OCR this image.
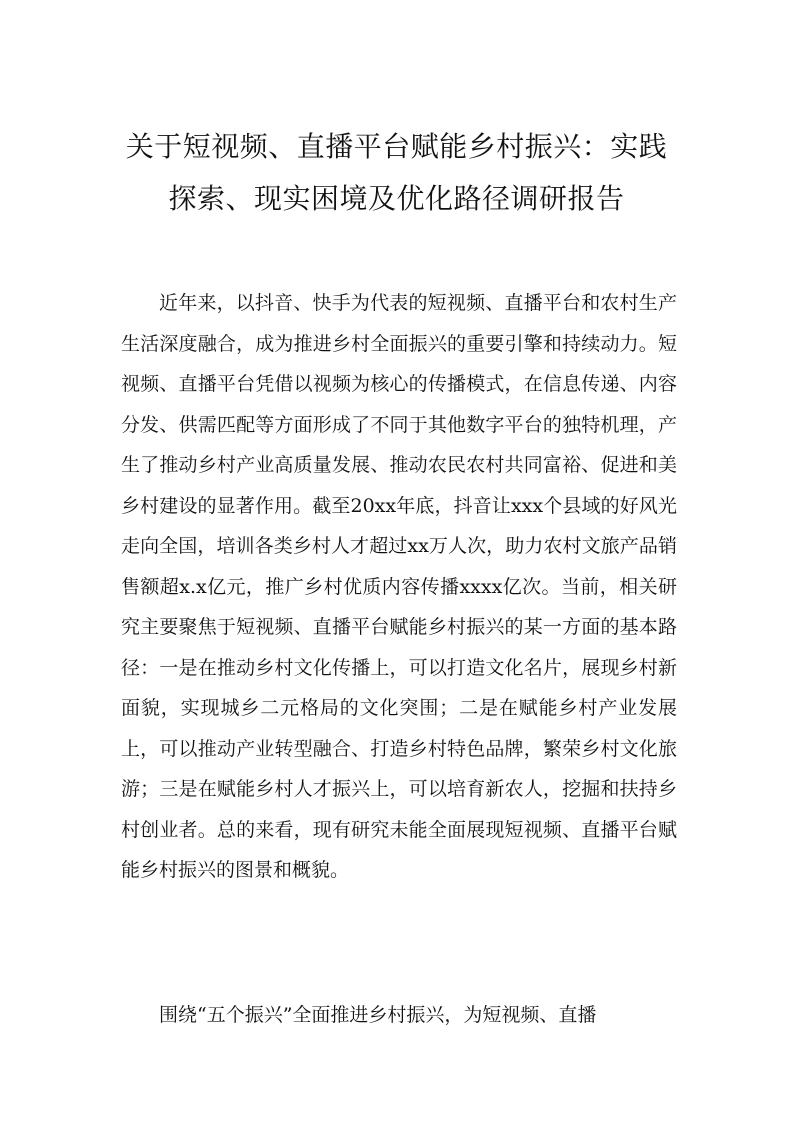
关于短视频、直播平台赋能乡村振兴：实践
探索、现实困境及优化路径调研报告

近年来，以抖音、快手为代表的短视频、直播平台和农村生产生活深度融合，成为推进乡村全面振兴的重要引擎和持续动力。短视频、直播平台凭借以视频为核心的传播模式，在信息传递、内容分发、供需匹配等方面形成了不同于其他数字平台的独特机理，产生了推动乡村产业高质量发展、推动农民农村共同富裕、促进和美乡村建设的显著作用。截至20xx年底，抖音让xxx个县域的好风光走向全国，培训各类乡村人才超过xx万人次，助力农村文旅产品销售额超x.x亿元，推广乡村优质内容传播xxxx亿次。当前，相关研究主要聚焦于短视频、直播平台赋能乡村振兴的某一方面的基本路径：一是在推动乡村文化传播上，可以打造文化名片，展现乡村新面貌，实现城乡二元格局的文化突围；二是在赋能乡村产业发展上，可以推动产业转型融合、打造乡村特色品牌，繁荣乡村文化旅游；三是在赋能乡村人才振兴上，可以培育新农人，挖掘和扶持乡村创业者。总的来看，现有研究未能全面展现短视频、直播平台赋能乡村振兴的图景和概貌。

围绕“五个振兴”全面推进乡村振兴，为短视频、直播
